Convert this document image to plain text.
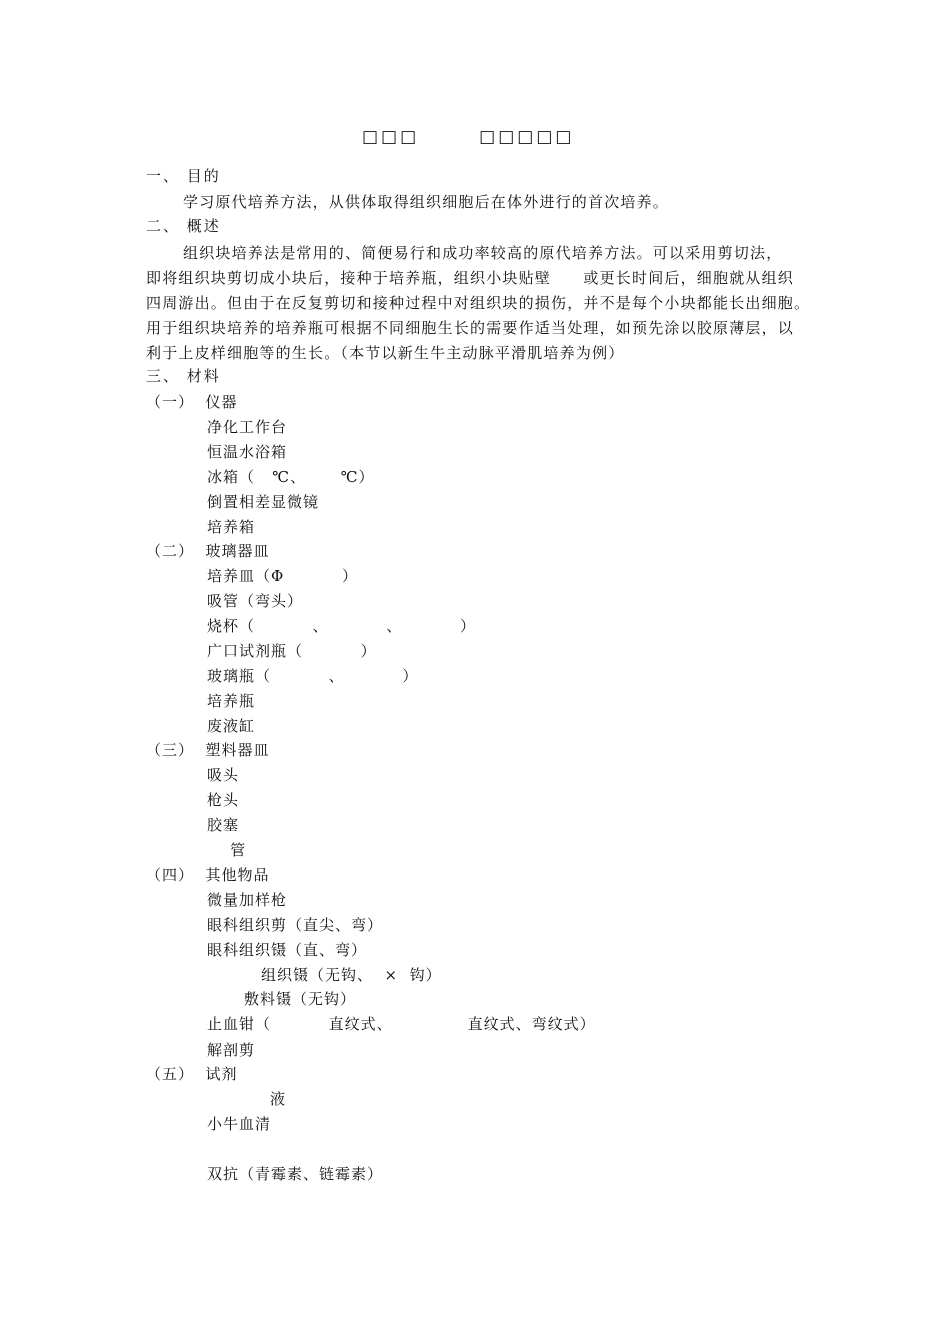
□□□　　　□□□□□
一、 目的
学习原代培养方法，从供体取得组织细胞后在体外进行的首次培养。
二、 概述
组织块培养法是常用的、简便易行和成功率较高的原代培养方法。可以采用剪切法，
即将组织块剪切成小块后，接种于培养瓶，组织小块贴壁　　或更长时间后，细胞就从组织
四周游出。但由于在反复剪切和接种过程中对组织块的损伤，并不是每个小块都能长出细胞。
用于组织块培养的培养瓶可根据不同细胞生长的需要作适当处理，如预先涂以胶原薄层，以
利于上皮样细胞等的生长。（本节以新生牛主动脉平滑肌培养为例）
三、 材料
（一）  仪器
净化工作台
恒温水浴箱
冰箱（   ℃、      ℃）
倒置相差显微镜
培养箱
（二）  玻璃器皿
培养皿（Φ          ）
吸管（弯头）
烧杯（          、          、          ）
广口试剂瓶（          ）
玻璃瓶（          、          ）
培养瓶
废液缸
（三）  塑料器皿
吸头
枪头
胶塞
管
（四）  其他物品
微量加样枪
眼科组织剪（直尖、弯）
眼科组织镊（直、弯）
组织镊（无钩、  ×  钩）
敷料镊（无钩）
止血钳（          直纹式、             直纹式、弯纹式）
解剖剪
（五）  试剂
液
小牛血清
双抗（青霉素、链霉素）
